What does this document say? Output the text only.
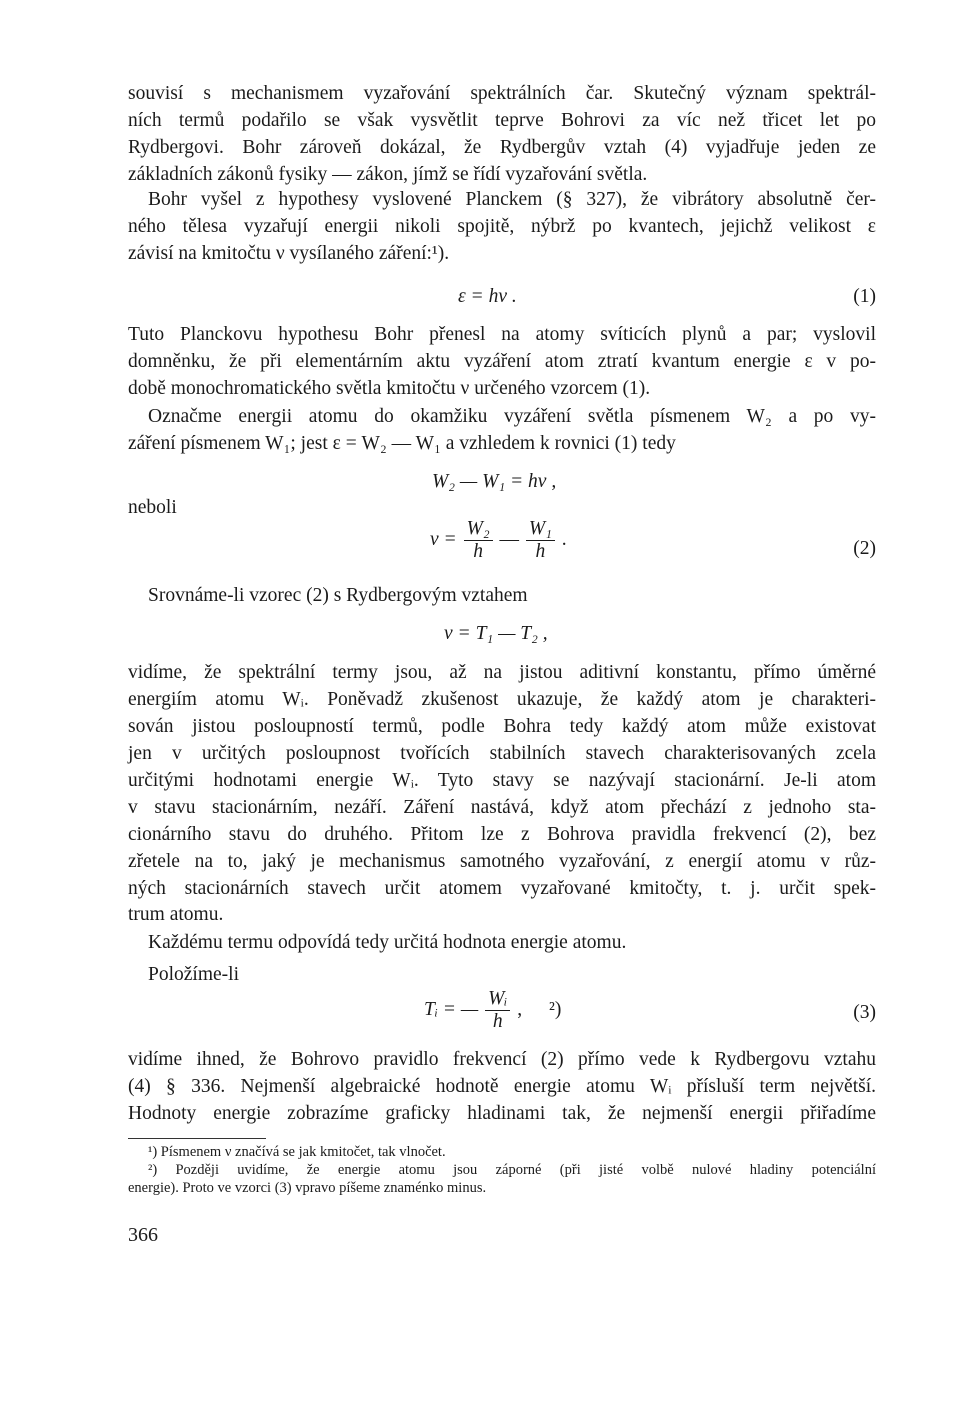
souvisí s mechanismem vyzařování spektrálních čar. Skutečný význam spektrál-
ních termů podařilo se však vysvětlit teprve Bohrovi za víc než třicet let po
Rydbergovi. Bohr zároveň dokázal, že Rydbergův vztah (4) vyjadřuje jeden ze
základních zákonů fysiky — zákon, jímž se řídí vyzařování světla.
Bohr vyšel z hypothesy vyslovené Planckem (§ 327), že vibrátory absolutně čer-
ného tělesa vyzařují energii nikoli spojitě, nýbrž po kvantech, jejichž velikost ε
závisí na kmitočtu ν vysílaného záření:¹).
ε = hν .	(1)
Tuto Planckovu hypothesu Bohr přenesl na atomy svíticích plynů a par; vyslovil
domněnku, že při elementárním aktu vyzáření atom ztratí kvantum energie ε v po-
době monochromatického světla kmitočtu ν určeného vzorcem (1).
Označme energii atomu do okamžiku vyzáření světla písmenem W₂ a po vy-
záření písmenem W₁; jest ε = W₂ — W₁ a vzhledem k rovnici (1) tedy
W₂ — W₁ = hν ,
neboli
$\nu = \frac{\text{W₂}}{h}$ — $\frac{\text{W₁}}{h}$ .	(2)
Srovnáme-li vzorec (2) s Rydbergovým vztahem
ν = T₁ — T₂ ,
vidíme, že spektrální termy jsou, až na jistou aditivní konstantu, přímo úměrné
energiím atomu Wᵢ. Poněvadž zkušenost ukazuje, že každý atom je charakteri-
sován jistou posloupností termů, podle Bohra tedy každý atom může existovat
jen v určitých posloupnost tvořících stabilních stavech charakterisovaných zcela
určitými hodnotami energie Wᵢ. Tyto stavy se nazývají stacionární. Je-li atom
v stavu stacionárním, nezáří. Záření nastává, když atom přechází z jednoho sta-
cionárního stavu do druhého. Přitom lze z Bohrova pravidla frekvencí (2), bez
zřetele na to, jaký je mechanismus samotného vyzařování, z energií atomu v růz-
ných stacionárních stavech určit atomem vyzařované kmitočty, t. j. určit spek-
trum atomu.
Každému termu odpovídá tedy určitá hodnota energie atomu.
Položíme-li
Tᵢ = — $\frac{\text{Wᵢ}}{h}$ , ²)	(3)
vidíme ihned, že Bohrovo pravidlo frekvencí (2) přímo vede k Rydbergovu vztahu
(4) § 336. Nejmenší algebraické hodnotě energie atomu Wᵢ přísluší term největší.
Hodnoty energie zobrazíme graficky hladinami tak, že nejmenší energii přiřadíme
¹) Písmenem ν značívá se jak kmitočet, tak vlnočet.
²) Později uvidíme, že energie atomu jsou záporné (při jisté volbě nulové hladiny potenciální
energie). Proto ve vzorci (3) vpravo píšeme znaménko minus.
366
